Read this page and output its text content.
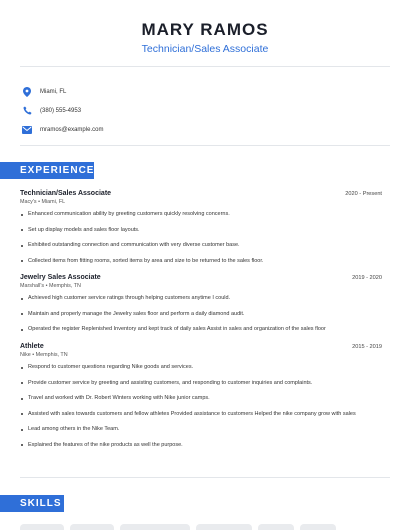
MARY RAMOS
Technician/Sales Associate
Miami, FL
(380) 555-4953
mramos@example.com
EXPERIENCE
Technician/Sales Associate	2020 - Present
Macy's • Miami, FL
Enhanced communication ability by greeting customers quickly resolving concerns.
Set up display models and sales floor layouts.
Exhibited outstanding connection and communication with very diverse customer base.
Collected items from fitting rooms, sorted items by area and size to be returned to the sales floor.
Jewelry Sales Associate	2019 - 2020
Marshall's • Memphis, TN
Achieved high customer service ratings through helping customers anytime I could.
Maintain and properly manage the Jewelry sales floor and perform a daily diamond audit.
Operated the register Replenished Inventory and kept track of daily sales Assist in sales and organization of the sales floor
Athlete	2015 - 2019
Nike • Memphis, TN
Respond to customer questions regarding Nike goods and services.
Provide customer service by greeting and assisting customers, and responding to customer inquiries and complaints.
Travel and worked with Dr. Robert Winters working with Nike junior camps.
Assisted with sales towards customers and fellow athletes Provided assistance to customers Helped the nike company grow with sales
Lead among others in the Nike Team.
Explained the features of the nike products as well the purpose.
SKILLS
